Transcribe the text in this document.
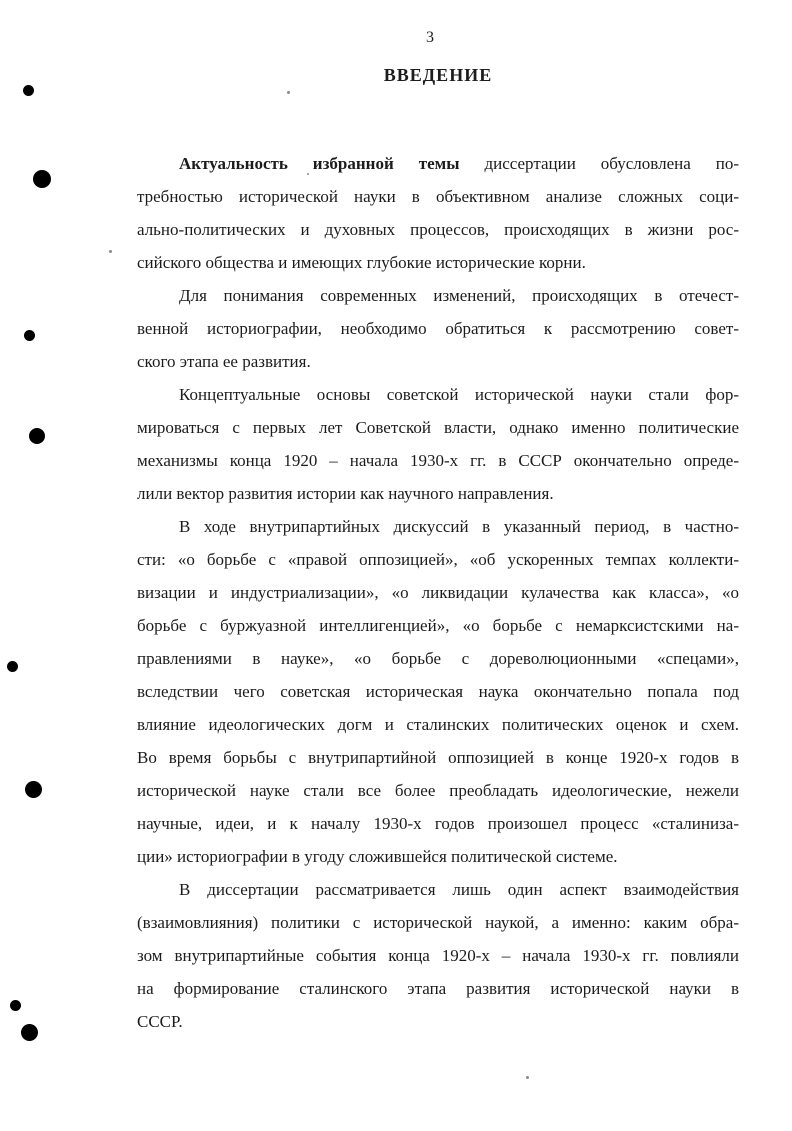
3
ВВЕДЕНИЕ
Актуальность избранной темы диссертации обусловлена по-
требностью исторической науки в объективном анализе сложных соци-
ально-политических и духовных процессов, происходящих в жизни рос-
сийского общества и имеющих глубокие исторические корни.
Для понимания современных изменений, происходящих в отечест-
венной историографии, необходимо обратиться к рассмотрению совет-
ского этапа ее развития.
Концептуальные основы советской исторической науки стали фор-
мироваться с первых лет Советской власти, однако именно политические
механизмы конца 1920 – начала 1930-х гг. в СССР окончательно опреде-
лили вектор развития истории как научного направления.
В ходе внутрипартийных дискуссий в указанный период, в частно-
сти: «о борьбе с «правой оппозицией», «об ускоренных темпах коллекти-
визации и индустриализации», «о ликвидации кулачества как класса», «о
борьбе с буржуазной интеллигенцией», «о борьбе с немарксистскими на-
правлениями в науке», «о борьбе с дореволюционными «спецами»,
вследствии чего советская историческая наука окончательно попала под
влияние идеологических догм и сталинских политических оценок и схем.
Во время борьбы с внутрипартийной оппозицией в конце 1920-х годов в
исторической науке стали все более преобладать идеологические, нежели
научные, идеи, и к началу 1930-х годов произошел процесс «сталиниза-
ции» историографии в угоду сложившейся политической системе.
В диссертации рассматривается лишь один аспект взаимодействия
(взаимовлияния) политики с исторической наукой, а именно: каким обра-
зом внутрипартийные события конца 1920-х – начала 1930-х гг. повлияли
на формирование сталинского этапа развития исторической науки в
СССР.
